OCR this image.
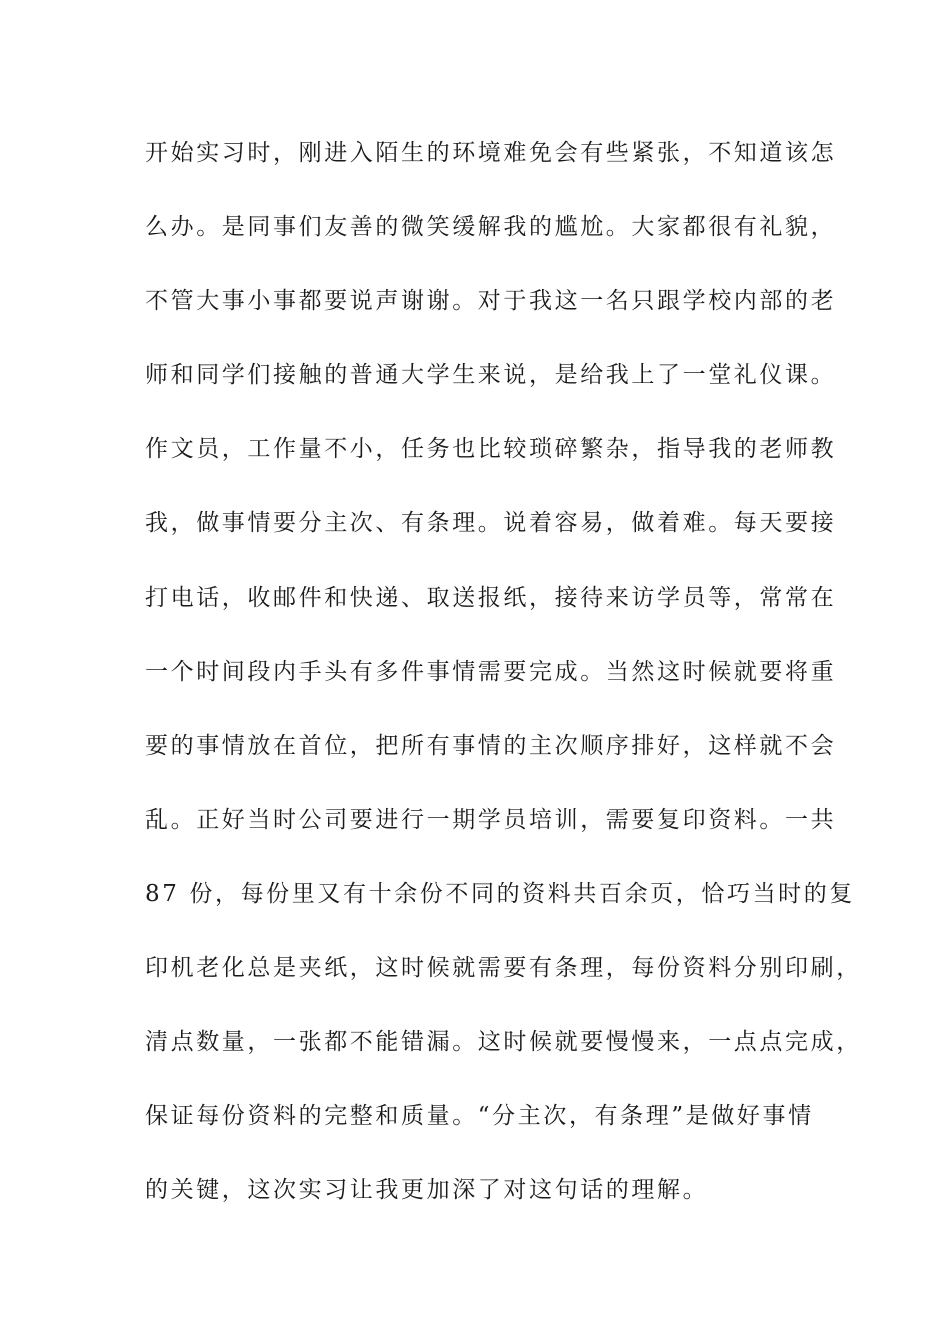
开始实习时，刚进入陌生的环境难免会有些紧张，不知道该怎
么办。是同事们友善的微笑缓解我的尴尬。大家都很有礼貌，
不管大事小事都要说声谢谢。对于我这一名只跟学校内部的老
师和同学们接触的普通大学生来说，是给我上了一堂礼仪课。
作文员，工作量不小，任务也比较琐碎繁杂，指导我的老师教
我，做事情要分主次、有条理。说着容易，做着难。每天要接
打电话，收邮件和快递、取送报纸，接待来访学员等，常常在
一个时间段内手头有多件事情需要完成。当然这时候就要将重
要的事情放在首位，把所有事情的主次顺序排好，这样就不会
乱。正好当时公司要进行一期学员培训，需要复印资料。一共
87 份，每份里又有十余份不同的资料共百余页，恰巧当时的复
印机老化总是夹纸，这时候就需要有条理，每份资料分别印刷，
清点数量，一张都不能错漏。这时候就要慢慢来，一点点完成，
保证每份资料的完整和质量。“分主次，有条理”是做好事情
的关键，这次实习让我更加深了对这句话的理解。
